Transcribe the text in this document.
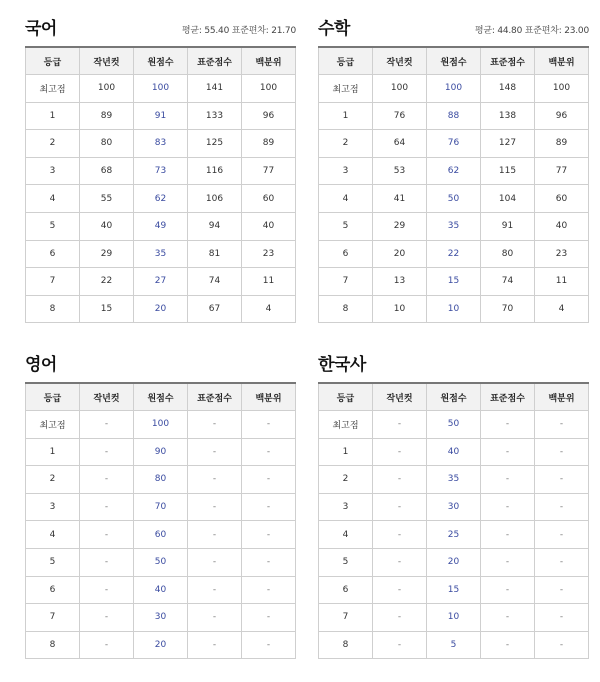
국어	평균: 55.40 표준편차: 21.70
등급	작년컷	원점수	표준점수	백분위
최고점	100	100	141	100
1	89	91	133	96
2	80	83	125	89
3	68	73	116	77
4	55	62	106	60
5	40	49	94	40
6	29	35	81	23
7	22	27	74	11
8	15	20	67	4
수학	평균: 44.80 표준편차: 23.00
등급	작년컷	원점수	표준점수	백분위
최고점	100	100	148	100
1	76	88	138	96
2	64	76	127	89
3	53	62	115	77
4	41	50	104	60
5	29	35	91	40
6	20	22	80	23
7	13	15	74	11
8	10	10	70	4
영어
등급	작년컷	원점수	표준점수	백분위
최고점	-	100	-	-
1	-	90	-	-
2	-	80	-	-
3	-	70	-	-
4	-	60	-	-
5	-	50	-	-
6	-	40	-	-
7	-	30	-	-
8	-	20	-	-
한국사
등급	작년컷	원점수	표준점수	백분위
최고점	-	50	-	-
1	-	40	-	-
2	-	35	-	-
3	-	30	-	-
4	-	25	-	-
5	-	20	-	-
6	-	15	-	-
7	-	10	-	-
8	-	5	-	-
